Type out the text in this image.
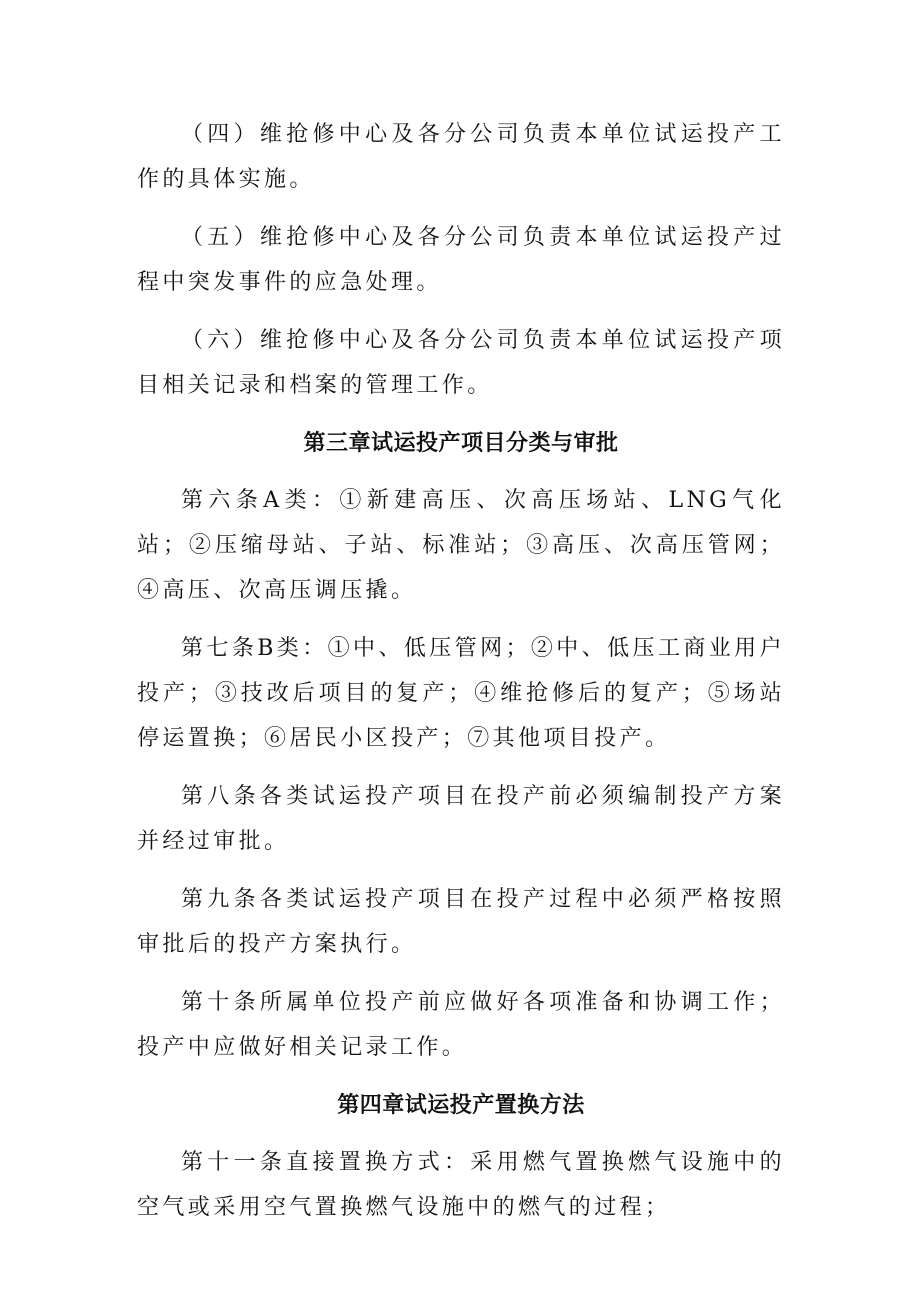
（四）维抢修中心及各分公司负责本单位试运投产工作的具体实施。

（五）维抢修中心及各分公司负责本单位试运投产过程中突发事件的应急处理。

（六）维抢修中心及各分公司负责本单位试运投产项目相关记录和档案的管理工作。

第三章试运投产项目分类与审批

第六条A类：①新建高压、次高压场站、LNG气化站；②压缩母站、子站、标准站；③高压、次高压管网；④高压、次高压调压撬。

第七条B类：①中、低压管网；②中、低压工商业用户投产；③技改后项目的复产；④维抢修后的复产；⑤场站停运置换；⑥居民小区投产；⑦其他项目投产。

第八条各类试运投产项目在投产前必须编制投产方案并经过审批。

第九条各类试运投产项目在投产过程中必须严格按照审批后的投产方案执行。

第十条所属单位投产前应做好各项准备和协调工作；投产中应做好相关记录工作。

第四章试运投产置换方法

第十一条直接置换方式：采用燃气置换燃气设施中的空气或采用空气置换燃气设施中的燃气的过程；
